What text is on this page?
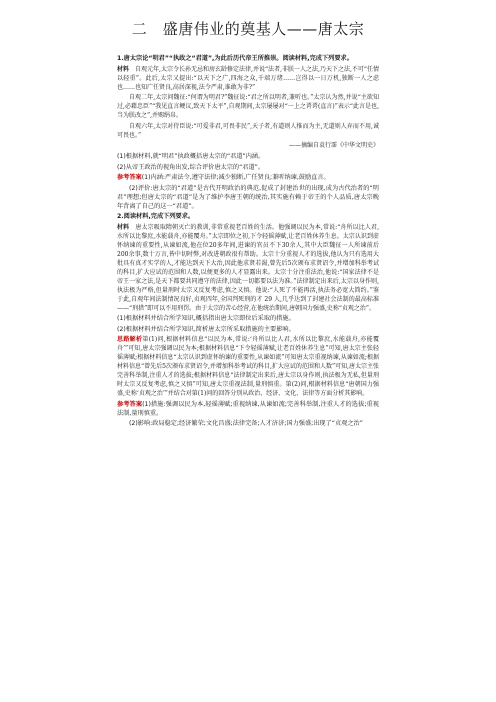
二　盛唐伟业的奠基人——唐太宗

1.唐太宗论“明君”“执政之“君道”,为此后历代帝王所推崇。阅读材料,完成下列要求。

材料　 自观元年,太宗令长孙无忌和房玄龄修定法律,并说“法者,非朕一人之法,乃天下之法,不可“任情以轻重”。此后,太宗又提出:“以天下之广,四海之众,千端万绪……岂得以一日万机,独断一人之虑也……也知广任贤良,高居深视,法令严肃,谁敢为非?”

自观二年,太宗问魏征:“何谓为明君?”魏征说:“君之所以明者,兼听也。”太宗认为然,并说“主欲知过,必藉忠臣”“我见直言鲠议,致天下太平”,自观期间,太宗屡屡对“一上之谔谔(直言)”表示“此言是也,当为朕改之”,并赐绢帛。

自观六年,太宗对侍臣说:“可爱非君,可畏非民”,天子者,有道则人推而为主,无道则人弃而不用,诚可畏也。”

——摘编自袁行霈《中华文明史》

(1)根据材料,就“明君”执政概括唐太宗的“君道”内涵。

(2)从帝王政治的视角出发,综合评价唐太宗的“君道”。

参考答案(1)内涵:严肃法令,遵守法律;减少独断,广任贤良;兼听纳谏,鼓励直言。

(2)评价:唐太宗的“君道”是古代开明政治的典范,促成了封建治世的出现,成为古代治者的“明君”理想;但唐太宗的“君道”是为了维护李唐王朝的统治,其实施有赖于帝王的个人品质,唐太宗晚年背离了自己的这一“君道”。

2.阅读材料,完成下列要求。

材料　 唐太宗吸取隋朝灭亡的教训,非常重视老百姓的生活。他强调以民为本,常说:“舟所以比人君,水所以比黎庶,水能载舟,亦能覆舟。”太宗即位之初,下令轻徭薄赋,让老百姓休养生息。太宗认识到虚怀纳谏的重要性,从谏如流,他在位20多年间,进谏的官员不下30余人,其中大臣魏征一人所谏前后200余事,数十万言,皆中切时弊,对改进朝政很有帮助。太宗十分重视人才的选拔,他认为只有选用大批具有真才实学的人,才能达到天下大治,因此他求贤若渴,曾先后5次颁布求贤诏令,并增加科举考试的科目,扩大应试的范围和人数,以便更多的人才显露出来。太宗十分注重法治,他说:“国家法律不是帝王一家之法,是天下都要共同遵守的法律,因此一切都要以法为准。”法律制定出来后,太宗以身作则,执法极为严格,但量刑时太宗又反复考虑,慎之又慎。他说:“人死了不能再活,执法务必宽大简约。”鉴于此,自观年间法制情况良好,贞观四年,全国判死刑的才 29 人,几乎达到了封建社会法制的最高标准——“刑措”即可以不用刑罚。由于太宗的苦心经营,在他统治期间,唐朝国力强盛,史称“贞观之治”。

(1)根据材料并结合所学知识,概括指出唐太宗即位后采取的措施。

(2)根据材料并结合所学知识,简析唐太宗所采取措施的主要影响。

思路解析第(1)问,根据材料信息“以民为本,常说:‘舟所以比人君,水所以比黎庶,水能载舟,亦能覆舟’”可知,唐太宗强调以民为本;根据材料信息“下令轻徭薄赋,让老百姓休养生息”可知,唐太宗主张轻徭薄赋;根据材料信息“太宗认识到虚怀纳谏的重要性,从谏如流”可知唐太宗重视纳谏,从谏如流;根据材料信息“曾先后5次颁布求贤诏令,并增加科举考试的科目,扩大应试的范围和人数”可知,唐太宗主张完善科举制,注重人才的选拔;根据材料信息“法律制定出来后,唐太宗以身作则,执法极为无私,但量刑时太宗又反复考虑,慎之又慎”可知,唐太宗重视法制,量刑慎重。第(2)问,根据材料信息“唐朝国力强盛,史称‘贞观之治’”并结合对第(1)问的回答分别从政治、经济、文化、法律等方面分析其影响。

参考答案(1)措施:强调以民为本,轻徭薄赋;重视纳谏,从谏如流;完善科举制,注重人才的选拔;重视法制,量刑慎重。

(2)影响:政局稳定;经济繁荣;文化昌盛;法律完备;人才济济;国力强盛;出现了“贞观之治”
